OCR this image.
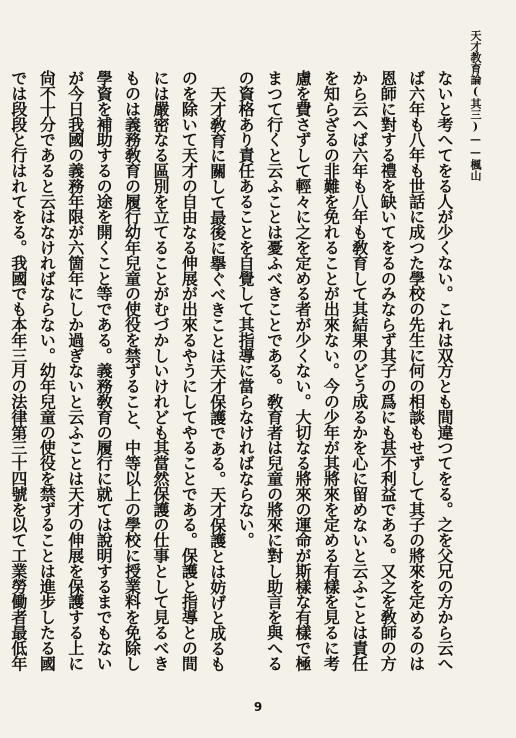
天才教育論(其三)——楓山

ないと考へてをる人が少くない。これは双方とも間違つてをる。之を父兄の方から云へば六年も八年も世話に成つた學校の先生に何の相談もせずして其子の將來を定めるのは恩師に對する禮を缺いてをるのみならず其子の爲にも甚不利益である。又之を敎師の方から云へば六年も八年も敎育して其結果のどう成るかを心に留めないと云ふことは責任を知らざるの非難を免れることが出來ない。今の少年が其將來を定める有樣を見るに考慮を費さずして輕々に之を定める者が少くない。大切なる將來の運命が斯樣な有樣で極まつて行くと云ふことは憂ふべきことである。敎育者は兒童の將來に對し助言を與へるの資格あり責任あることを自覺して其指導に當らなければならない。

天才敎育に關して最後に擧ぐべきことは天才保護である。天才保護とは妨げと成るものを除いて天才の自由なる伸展が出來るやうにしてやることである。保護と指導との間には嚴密なる區別を立てることがむづかしいけれども其當然保護の仕事として見るべきものは義務敎育の履行幼年兒童の使役を禁ずること、中等以上の學校に授業料を免除し學資を補助するの途を開くこと等である。義務敎育の履行に就ては說明するまでもないが今日我國の義務年限が六箇年にしか過ぎないと云ふことは天才の伸展を保護する上に尙不十分であると云はなければならない。幼年兒童の使役を禁ずることは進步したる國では段段と行はれてをる。我國でも本年三月の法律第三十四號を以て工業勞働者最低年

9
